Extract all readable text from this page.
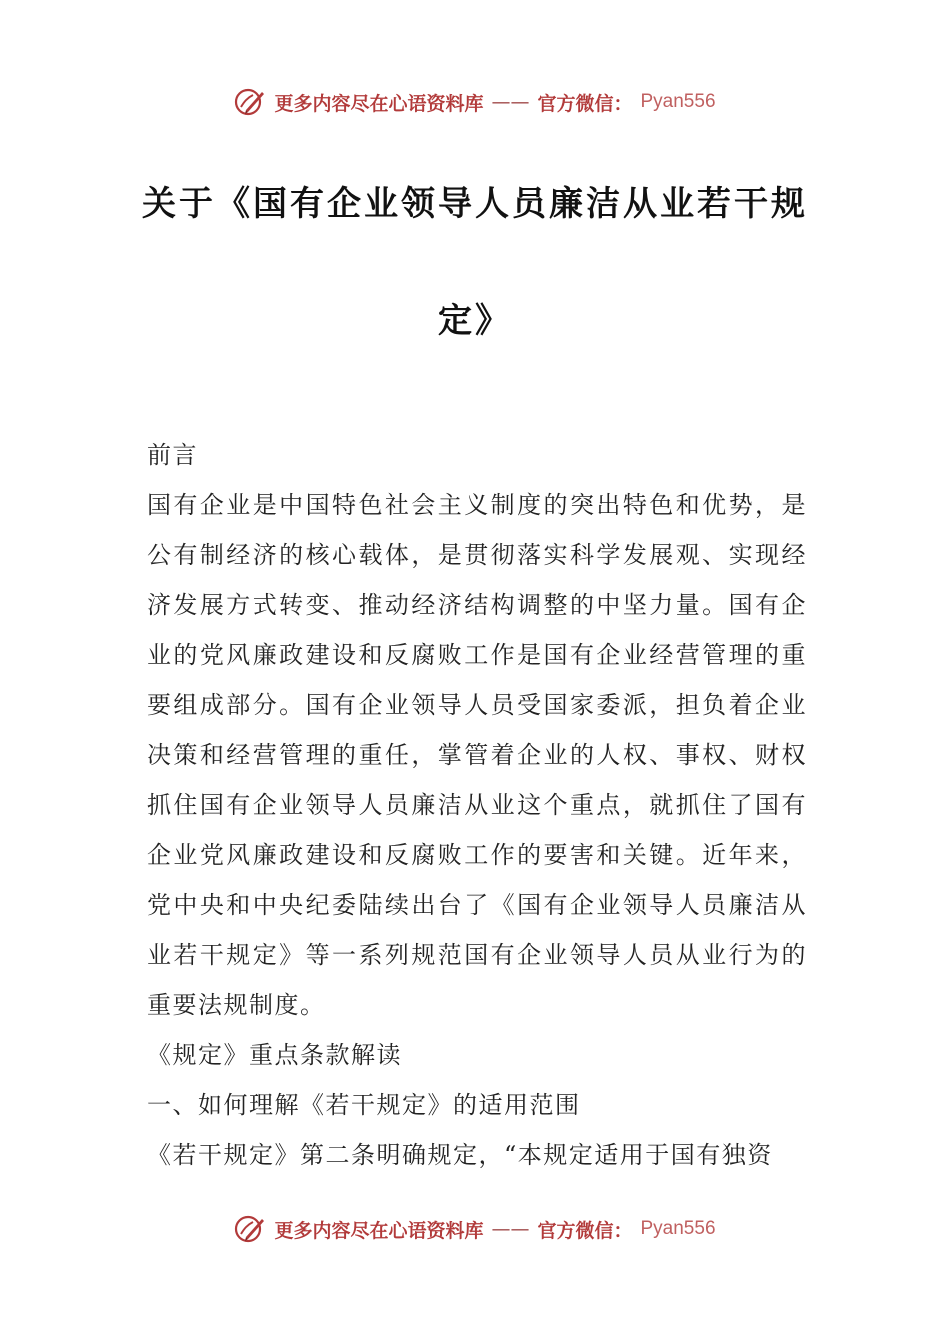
更多内容尽在心语资料库 —— 官方微信： Pyan556
关于《国有企业领导人员廉洁从业若干规
定》

前言

国有企业是中国特色社会主义制度的突出特色和优势，是公有制经济的核心载体，是贯彻落实科学发展观、实现经济发展方式转变、推动经济结构调整的中坚力量。国有企业的党风廉政建设和反腐败工作是国有企业经营管理的重要组成部分。国有企业领导人员受国家委派，担负着企业决策和经营管理的重任，掌管着企业的人权、事权、财权抓住国有企业领导人员廉洁从业这个重点，就抓住了国有企业党风廉政建设和反腐败工作的要害和关键。近年来，党中央和中央纪委陆续出台了《国有企业领导人员廉洁从业若干规定》等一系列规范国有企业领导人员从业行为的重要法规制度。

《规定》重点条款解读

一、如何理解《若干规定》的适用范围

《若干规定》第二条明确规定，“本规定适用于国有独资

更多内容尽在心语资料库 —— 官方微信： Pyan556
